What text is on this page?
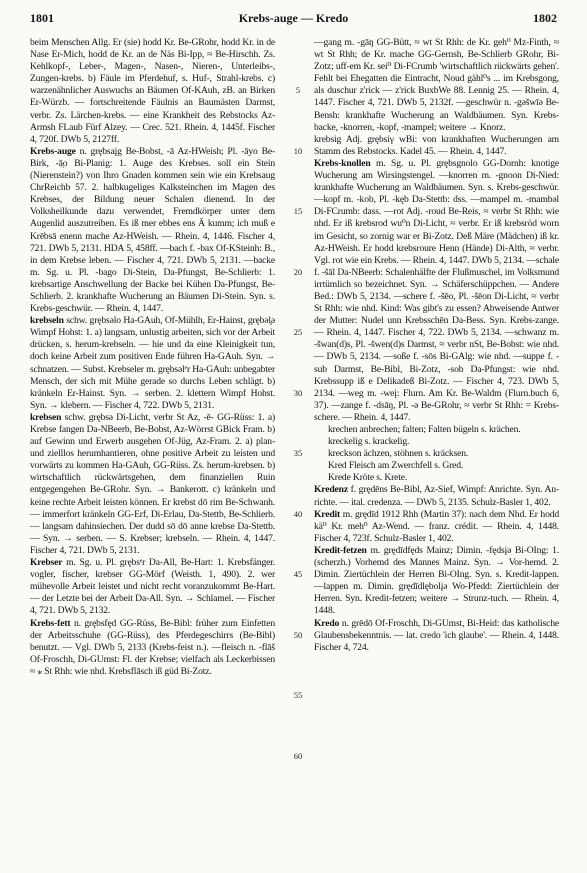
1801	Krebs-auge — Kredo	1802

beim Menschen Allg. Er (sie) hodd Kr. Be-GRohr, hodd Kr. in de Nase Er-Mich, hodd de Kr. an de Näs Bi-Ipp, ≈ Be-Hirschh. Zs. Kehlkopf-, Leber-, Magen-, Nasen-, Nieren-, Unterleibs-, Zungen-krebs. b) Fäule im Pferdehuf, s. Huf-, Strahl-krebs. c) warzenähnlicher Auswuchs an Bäumen Of-KAuh, zB. an Birken Er-Würzb. — fortschreitende Fäulnis an Baumästen Darmst, verbr. Zs. Lärchen-krebs. — eine Krankheit des Rebstocks Az-Armsh FLaub Fürf Alzey. — Crec. 521. Rhein. 4, 1445f. Fischer 4, 720f. DWb 5, 2127ff.

Krebs-auge n. grębsaįg Be-Bobst, -ā Az-HWeish; Pl. -āyo Be-Birk, -ā̤o Bi-Planig: 1. Auge des Krebses. soll ein Stein (Nierenstein?) von Ihro Gnaden kommen sein wie ein Krebsaug ChrReichb 57. 2. halbkugeliges Kalksteinchen im Magen des Krebses, der Bildung neuer Schalen dienend. In der Volksheilkunde dazu verwendet, Fremdkörper unter dem Augenlid auszutreiben. Es iß mer ebbes ens Ä kumm; ich muß e Krēbsā enenn mache Az-HWeish. — Rhein. 4, 1446. Fischer 4, 721. DWb 5, 2131. HDA 5, 458ff. —bach f. -bax Of-KSteinh: B., in dem Krebse leben. — Fischer 4, 721. DWb 5, 2131. —backe m. Sg. u. Pl. -bago Di-Stein, Da-Pfungst, Be-Schlierb: 1. krebsartige Anschwellung der Backe bei Kühen Da-Pfungst, Be-Schlierb. 2. krankhafte Wucherung an Bäumen Di-Stein. Syn. s. Krebs-geschwür. — Rhein. 4, 1447.

krebseln schw. grębsəlo Ha-GAuh, Of-Mühlh, Er-Hainst, grębəl̥ə Wimpf Hohst: 1. a) langsam, unlustig arbeiten, sich vor der Arbeit drücken, s. herum-krebseln. — hie und da eine Kleinigkeit tun, doch keine Arbeit zum positiven Ende führen Ha-GAuh. Syn. → schnatzen. — Subst. Krebseler m. grębsəlᵉr Ha-GAuh: unbegabter Mensch, der sich mit Mühe gerade so durchs Leben schlägt. b) kränkeln Er-Hainst. Syn. → serben. 2. klettern Wimpf Hohst. Syn. → klebern. — Fischer 4, 722. DWb 5, 2131.

krebsen schw. grębsə Di-Licht, verbr St Az, -ē- GG-Rüss: 1. a) Krebse fangen Da-NBeerb, Be-Bobst, Az-Wörrst GBick Fram. b) auf Gewinn und Erwerb ausgehen Of-Jüg, Az-Fram. 2. a) plan- und zielllos herumhantieren, ohne positive Arbeit zu leisten und vorwärts zu kommen Ha-GAuh, GG-Rüss. Zs. herum-krebsen. b) wirtschaftlich rückwärtsgehen, dem finanziellen Ruin entgegengehen Be-GRohr. Syn. → Bankerott. c) kränkeln und keine rechte Arbeit leisten können. Er krebst dō rim Be-Schwanh. — immerfort kränkeln GG-Erf, Di-Erlau, Da-Stettb, Be-Schlierb. — langsam dahinsiechen. Der dudd sō dō anne krebse Da-Stettb. — Syn. → serben. — S. Krebser; krebseln. — Rhein. 4, 1447. Fischer 4, 721. DWb 5, 2131.

Krebser m. Sg. u. Pl. grębsᵉr Da-All, Be-Hart: 1. Krebsfänger. vogler, fischer, krebser GG-Mörf (Weisth. 1, 490). 2. wer mühevolle Arbeit leistet und nicht recht voranzukommt Be-Hart. — der Letzte bei der Arbeit Da-All. Syn. → Schlamel. — Fischer 4, 721. DWb 5, 2132.

Krebs-fett n. grębsfęd GG-Rüss, Be-Bibl: früher zum Einfetten der Arbeitsschuhe (GG-Rüss), des Pferdegeschirrs (Be-Bibl) benutzt. — Vgl. DWb 5, 2133 (Krebs-feist n.). —fleisch n. -flāš Of-Froschh, Di-GUmst: Fl. der Krebse; vielfach als Leckerbissen ≈ ⁎ St Rhh: wie nhd. Krebsflāsch iß güd Bi-Zotz.

5
10
15
20
25
30
35
40
45
50
55
60

—gang m. -gāŋ GG-Bütt, ≈ wt St Rhh: de Kr. geh⁰ Mz-Finth, ≈ wt St Rhh; de Kr. mache GG-Gernsh, Be-Schlierb GRohr, Bi-Zotz; uff-em Kr. sei⁰ Di-FCrumb 'wirtschaftlich rückwärts gehen'. Fehlt bei Ehegatten die Eintracht, Noud gähl⁰s ... im Krebsgong, als duschur z'rick — z'rick BuxbWe 88. Lennig 25. — Rhein. 4, 1447. Fischer 4, 721. DWb 5, 2132f. —geschwür n. -gəšwīə Be-Bensh: krankhafte Wucherung an Waldbäumen. Syn. Krebs-backe, -knorren, -kopf, -mampel; weitere → Knorz.

krebsig Adj. grębsiγ wBi: von krankhaften Wucherungen am Stamm des Rebstocks. Kadel 45. — Rhein. 4, 1447.

Krebs-knollen m. Sg. u. Pl. grębsgnolo GG-Dornh: knotige Wucherung am Wirsingstengel. —knorren m. -gnoon Di-Nied: krankhafte Wucherung an Waldbäumen. Syn. s. Krebs-geschwür. —kopf m. -kob, Pl. -kęb Da-Stettb: dss. —mampel m. -mambəl Di-FCrumb: dass. —rot Adj. -roud Be-Reis, ≈ verbr St Rhh: wie nhd. Er iß krebsrod wu⁰n Di-Licht, ≈ verbr. Er iß krebsröd worn im Gesicht, so zornig war er Bi-Zotz. Deß Märe (Mädchen) iß kr. Az-HWeish. Er hodd krebsroure Henn (Hände) Di-Alth, ≈ verbr. Vgl. rot wie ein Krebs. — Rhein. 4, 1447. DWb 5, 2134. —schale f. -šāl Da-NBeerb: Schalenhälfte der Flußmuschel, im Volksmund irrtümlich so bezeichnet. Syn. → Schäferschüppchen. — Andere Bed.: DWb 5, 2134. —schere f. -šēo, Pl. -šēon Di-Licht, ≈ verbr St Rhh: wie nhd. Kind: Was gibt's zu essen? Abweisende Antwer der Mutter: Nudel unn Krebsschēn Da-Bess. Syn. Krebs-zange. — Rhein. 4, 1447. Fischer 4, 722. DWb 5, 2134. —schwanz m. -šwan(d)s, Pl. -šwen(d)s Darmst, ≈ verbr nSt, Be-Bobst: wie nhd. — DWb 5, 2134. —soße f. -sōs Bi-GAlg: wie nhd. —suppe f. -sub Darmst, Be-Bibl, Bi-Zotz, -sob Da-Pfungst: wie nhd. Krebssupp iß e Delikadeß Bi-Zotz. — Fischer 4, 723. DWb 5, 2134. —weg m. -weį: Flurn. Am Kr. Be-Waldm (Flurn.buch 6, 37). —zange f. -dsāŋ, Pl. -ə Be-GRohr, ≈ verbr St Rhh: = Krebs-schere. — Rhein. 4, 1447.

krechen anbrechen; falten; Falten bügeln s. krächen.

kreckelig s. krackelig.

kreckson ächzen, stöhnen s. kräcksen.

Kred Fleisch am Zwerchfell s. Gred.

Krede Kröte s. Krete.

Kredenz f. grędēns Be-Bibl, Az-Sief, Wimpf: Anrichte. Syn. An-richte. — ital. credenza. — DWb 5, 2135. Schulz-Basler 1, 402.

Kredit m. grędīd 1912 Rhh (Martin 37): nach dem Nhd. Er hodd kä⁰ Kr. meh⁰ Az-Wend. — franz. crédit. — Rhein. 4, 1448. Fischer 4, 723f. Schulz-Basler 1, 402.

Kredit-fetzen m. grędīdfęds Mainz; Dimin. -fędsįə Bi-OIng: 1. (scherzh.) Vorhemd des Mannes Mainz. Syn. → Vor-hemd. 2. Dimin. Ziertüchlein der Herren Bi-OIng. Syn. s. Kredit-lappen. —lappen m. Dimin. grędīdlębolįə Wo-Pfedd: Ziertüchlein der Herren. Syn. Kredit-fetzen; weitere → Strunz-tuch. — Rhein. 4, 1448.

Kredo n. grēdō Of-Froschh, Di-GUmst, Bi-Heid: das katholische Glaubensbekenntnis. — lat. credo 'ich glaube'. — Rhein. 4, 1448. Fischer 4, 724.
